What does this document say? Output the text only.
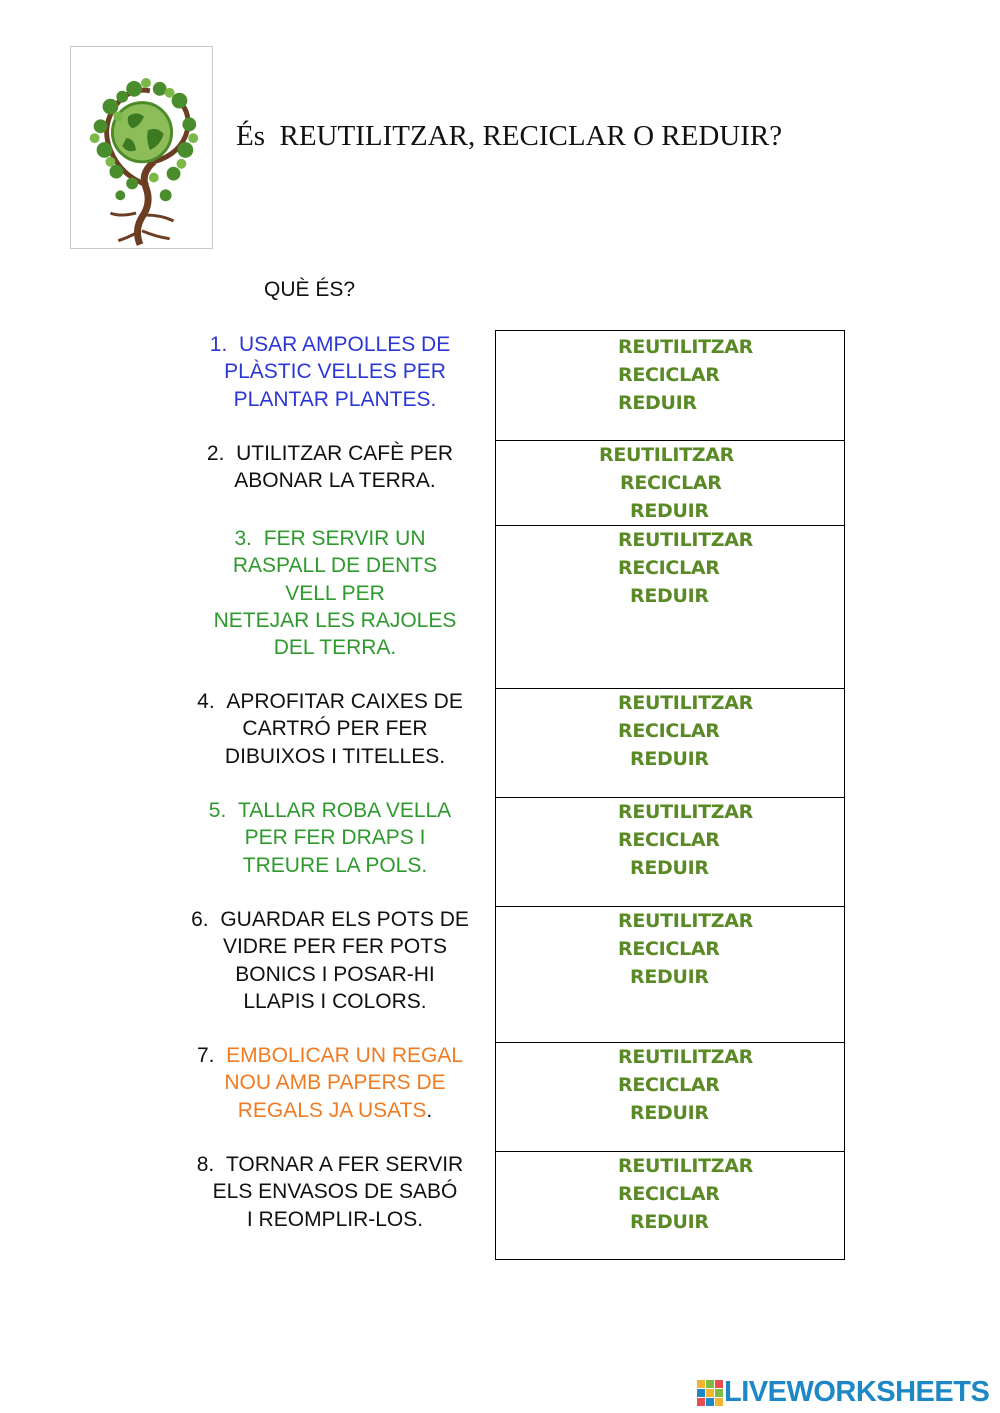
És  REUTILITZAR, RECICLAR O REDUIR?

QUÈ ÉS?

1. USAR AMPOLLES DE
PLÀSTIC VELLES PER
PLANTAR PLANTES.
2. UTILITZAR CAFÈ PER
ABONAR LA TERRA.
3. FER SERVIR UN
RASPALL DE DENTS
VELL PER
NETEJAR LES RAJOLES
DEL TERRA.
4. APROFITAR CAIXES DE
CARTRÓ PER FER
DIBUIXOS I TITELLES.
5. TALLAR ROBA VELLA
PER FER DRAPS I
TREURE LA POLS.
6. GUARDAR ELS POTS DE
VIDRE PER FER POTS
BONICS I POSAR-HI
LLAPIS I COLORS.
7. EMBOLICAR UN REGAL
NOU AMB PAPERS DE
REGALS JA USATS.
8. TORNAR A FER SERVIR
ELS ENVASOS DE SABÓ
I REOMPLIR-LOS.
REUTILITZAR
RECICLAR
REDUIR
REUTILITZAR
RECICLAR
REDUIR
REUTILITZAR
RECICLAR
REDUIR
REUTILITZAR
RECICLAR
REDUIR
REUTILITZAR
RECICLAR
REDUIR
REUTILITZAR
RECICLAR
REDUIR
REUTILITZAR
RECICLAR
REDUIR
REUTILITZAR
RECICLAR
REDUIR
LIVEWORKSHEETS
